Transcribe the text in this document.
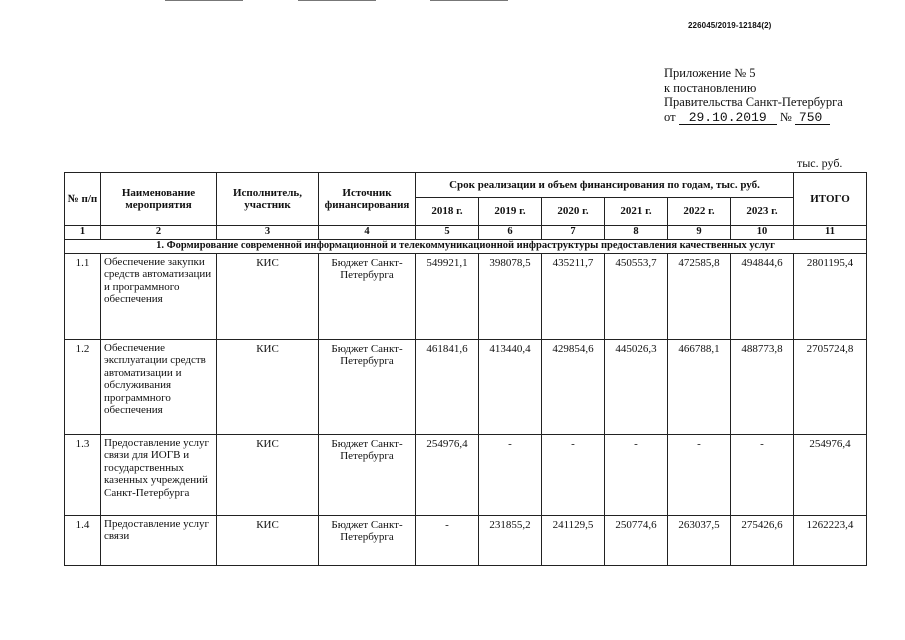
226045/2019-12184(2)
Приложение № 5
к постановлению
Правительства Санкт-Петербурга
от 29.10.2019 № 750
тыс. руб.
№ п/п	Наименование мероприятия	Исполнитель, участник	Источник финансирования	Срок реализации и объем финансирования по годам, тыс. руб.						ИТОГО
				2018 г.	2019 г.	2020 г.	2021 г.	2022 г.	2023 г.	
1	2	3	4	5	6	7	8	9	10	11
1. Формирование современной информационной и телекоммуникационной инфраструктуры предоставления качественных услуг										
1.1	Обеспечение закупки средств автоматизации и программного обеспечения	КИС	Бюджет Санкт-Петербурга	549921,1	398078,5	435211,7	450553,7	472585,8	494844,6	2801195,4
1.2	Обеспечение эксплуатации средств автоматизации и обслуживания программного обеспечения	КИС	Бюджет Санкт-Петербурга	461841,6	413440,4	429854,6	445026,3	466788,1	488773,8	2705724,8
1.3	Предоставление услуг связи для ИОГВ и государственных казенных учреждений Санкт-Петербурга	КИС	Бюджет Санкт-Петербурга	254976,4	-	-	-	-	-	254976,4
1.4	Предоставление услуг связи	КИС	Бюджет Санкт-Петербурга	-	231855,2	241129,5	250774,6	263037,5	275426,6	1262223,4
